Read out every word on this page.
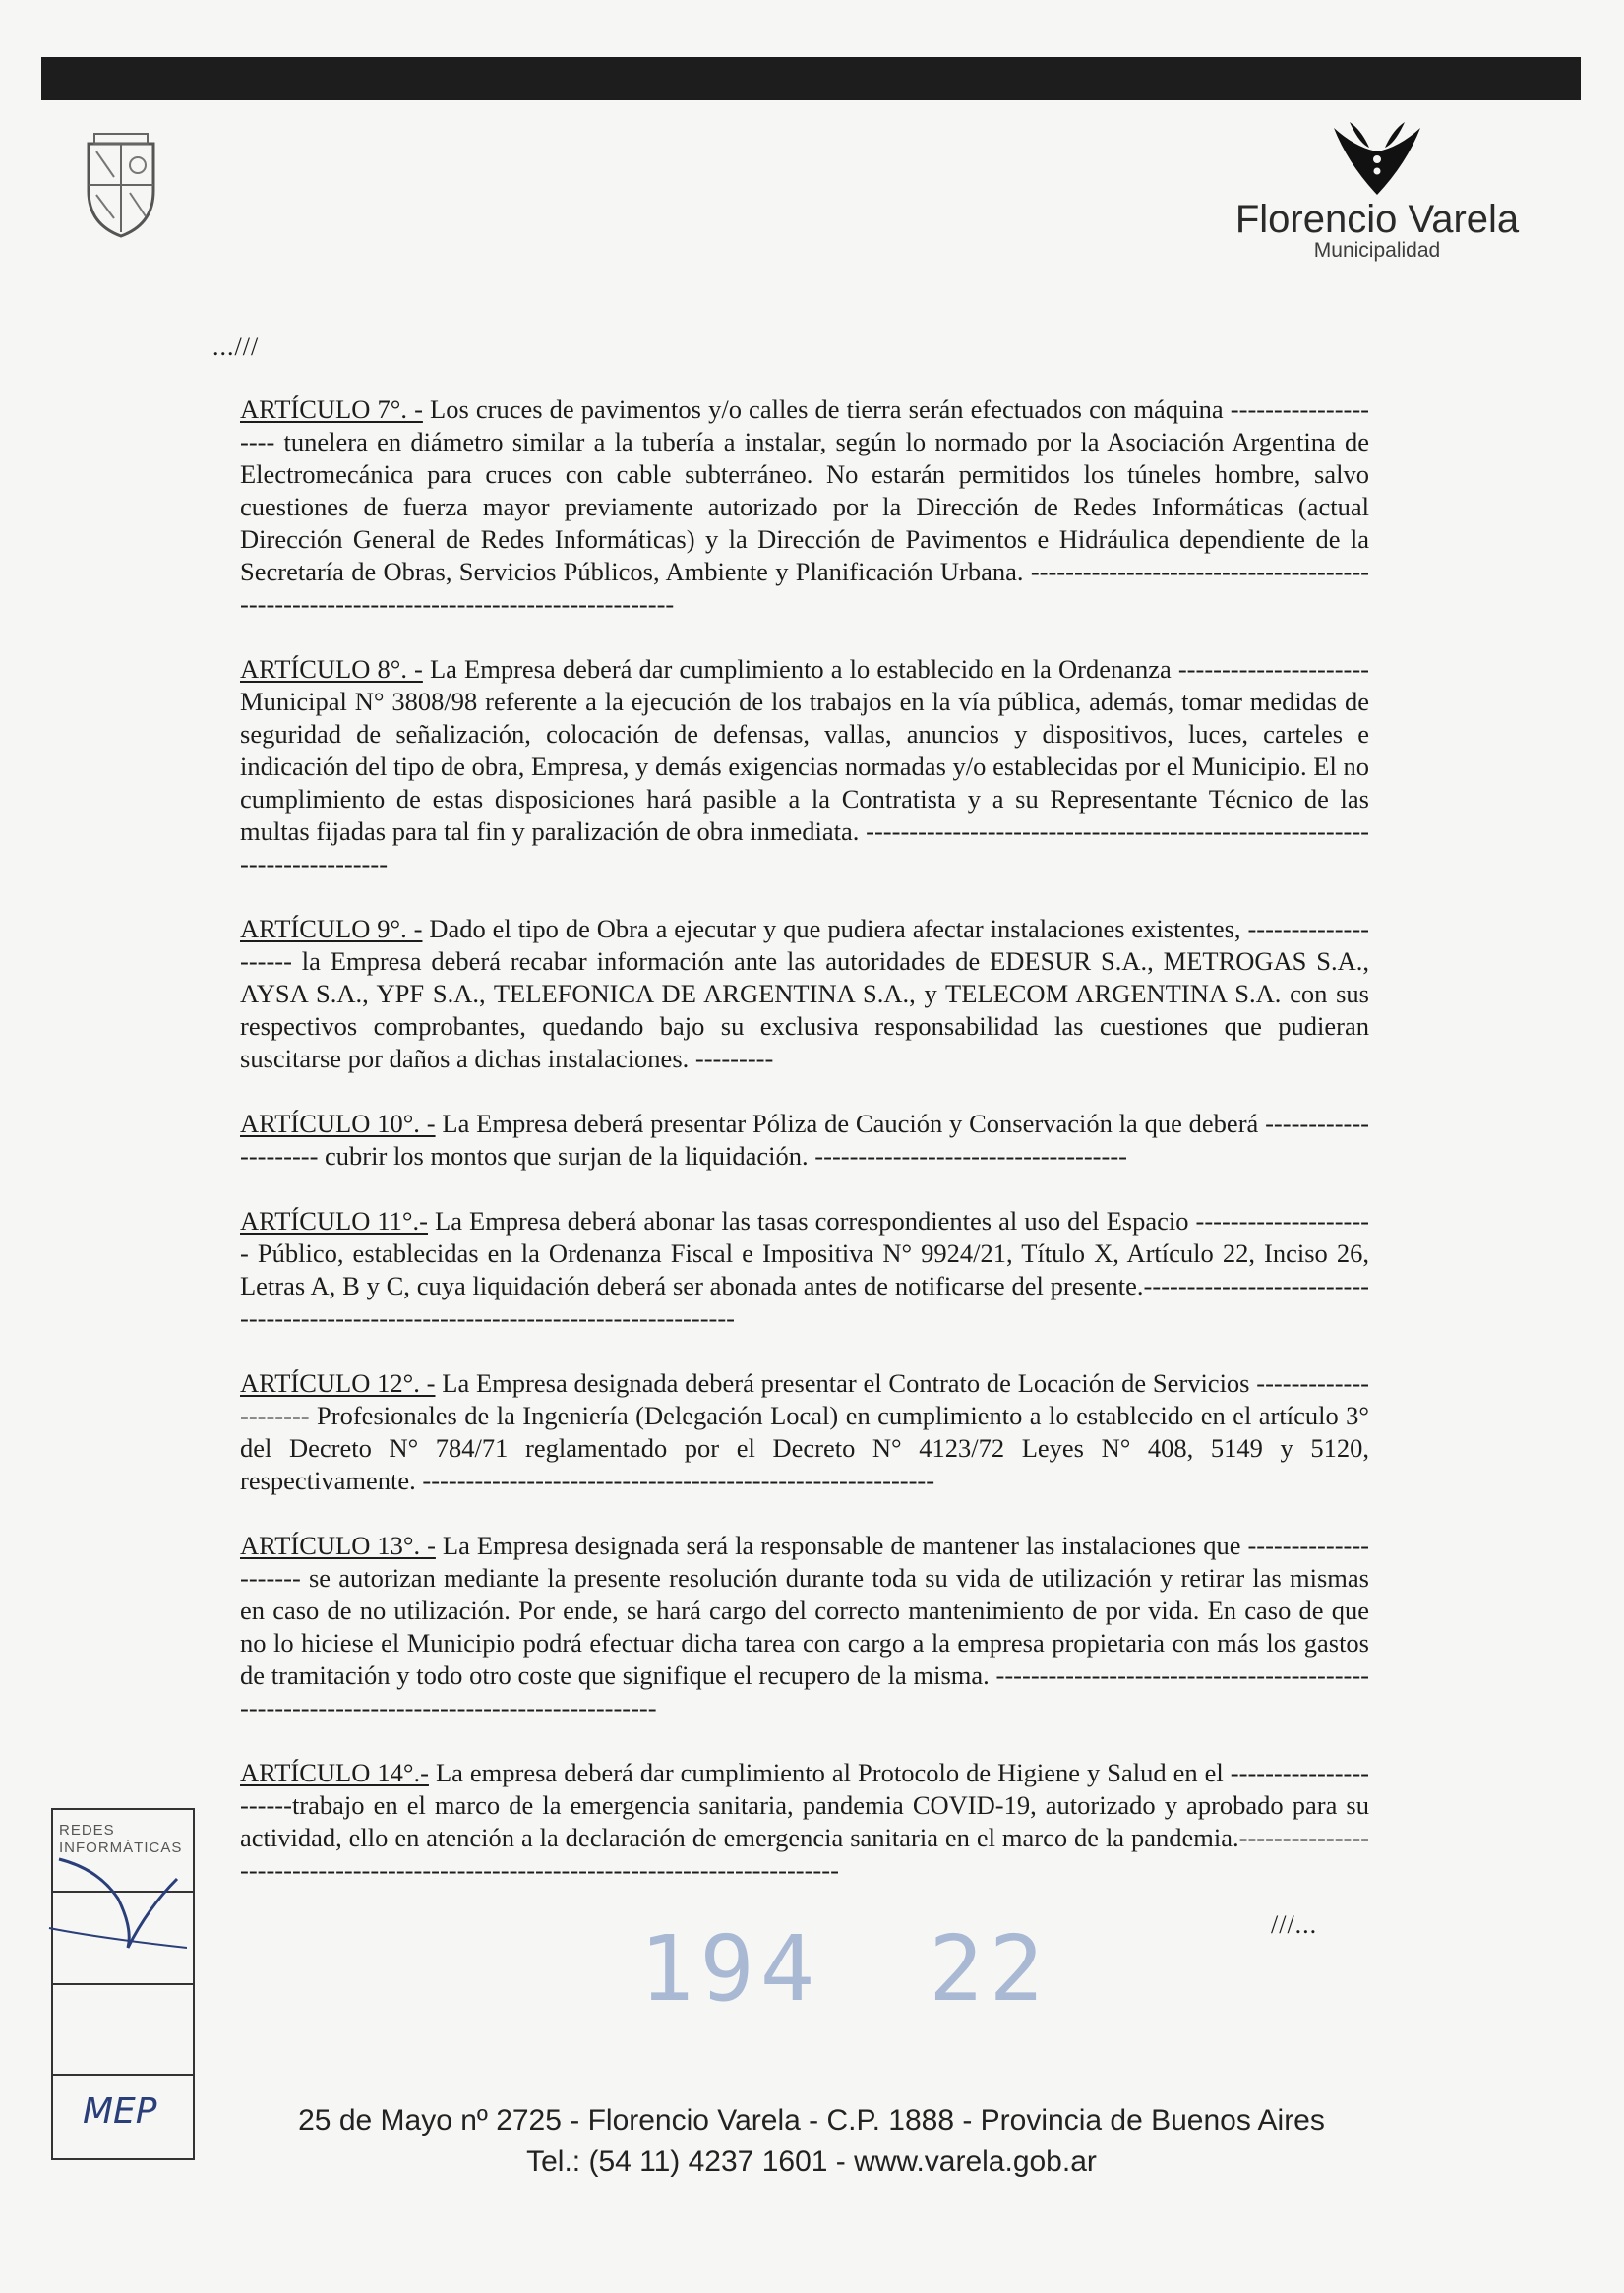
Florencio Varela
Municipalidad
...///

ARTÍCULO 7°. - Los cruces de pavimentos y/o calles de tierra serán efectuados con máquina -------------------- tunelera en diámetro similar a la tubería a instalar, según lo normado por la Asociación Argentina de Electromecánica para cruces con cable subterráneo. No estarán permitidos los túneles hombre, salvo cuestiones de fuerza mayor previamente autorizado por la Dirección de Redes Informáticas (actual Dirección General de Redes Informáticas) y la Dirección de Pavimentos e Hidráulica dependiente de la Secretaría de Obras, Servicios Públicos, Ambiente y Planificación Urbana. -----------------------------------------------------------------------------------------

ARTÍCULO 8°. - La Empresa deberá dar cumplimiento a lo establecido en la Ordenanza ---------------------- Municipal N° 3808/98 referente a la ejecución de los trabajos en la vía pública, además, tomar medidas de seguridad de señalización, colocación de defensas, vallas, anuncios y dispositivos, luces, carteles e indicación del tipo de obra, Empresa, y demás exigencias normadas y/o establecidas por el Municipio. El no cumplimiento de estas disposiciones hará pasible a la Contratista y a su Representante Técnico de las multas fijadas para tal fin y paralización de obra inmediata. ---------------------------------------------------------------------------

ARTÍCULO 9°. - Dado el tipo de Obra a ejecutar y que pudiera afectar instalaciones existentes, -------------------- la Empresa deberá recabar información ante las autoridades de EDESUR S.A., METROGAS S.A., AYSA S.A., YPF S.A., TELEFONICA DE ARGENTINA S.A., y TELECOM ARGENTINA S.A. con sus respectivos comprobantes, quedando bajo su exclusiva responsabilidad las cuestiones que pudieran suscitarse por daños a dichas instalaciones. ---------

ARTÍCULO 10°. - La Empresa deberá presentar Póliza de Caución y Conservación la que deberá --------------------- cubrir los montos que surjan de la liquidación. ------------------------------------

ARTÍCULO 11°.- La Empresa deberá abonar las tasas correspondientes al uso del Espacio --------------------- Público, establecidas en la Ordenanza Fiscal e Impositiva N° 9924/21, Título X, Artículo 22, Inciso 26, Letras A, B y C, cuya liquidación deberá ser abonada antes de notificarse del presente.-----------------------------------------------------------------------------------

ARTÍCULO 12°. - La Empresa designada deberá presentar el Contrato de Locación de Servicios --------------------- Profesionales de la Ingeniería (Delegación Local) en cumplimiento a lo establecido en el artículo 3° del Decreto N° 784/71 reglamentado por el Decreto N° 4123/72 Leyes N° 408, 5149 y 5120, respectivamente. -----------------------------------------------------------

ARTÍCULO 13°. - La Empresa designada será la responsable de mantener las instalaciones que --------------------- se autorizan mediante la presente resolución durante toda su vida de utilización y retirar las mismas en caso de no utilización. Por ende, se hará cargo del correcto mantenimiento de por vida. En caso de que no lo hiciese el Municipio podrá efectuar dicha tarea con cargo a la empresa propietaria con más los gastos de tramitación y todo otro coste que signifique el recupero de la misma. -------------------------------------------------------------------------------------------

ARTÍCULO 14°.- La empresa deberá dar cumplimiento al Protocolo de Higiene y Salud en el ----------------------trabajo en el marco de la emergencia sanitaria, pandemia COVID-19, autorizado y aprobado para su actividad, ello en atención a la declaración de emergencia sanitaria en el marco de la pandemia.------------------------------------------------------------------------------------

///...
194 22
REDES
INFORMÁTICAS
MEP	25 de Mayo nº 2725 - Florencio Varela - C.P. 1888 - Provincia de Buenos Aires
Tel.: (54 11) 4237 1601 - www.varela.gob.ar
